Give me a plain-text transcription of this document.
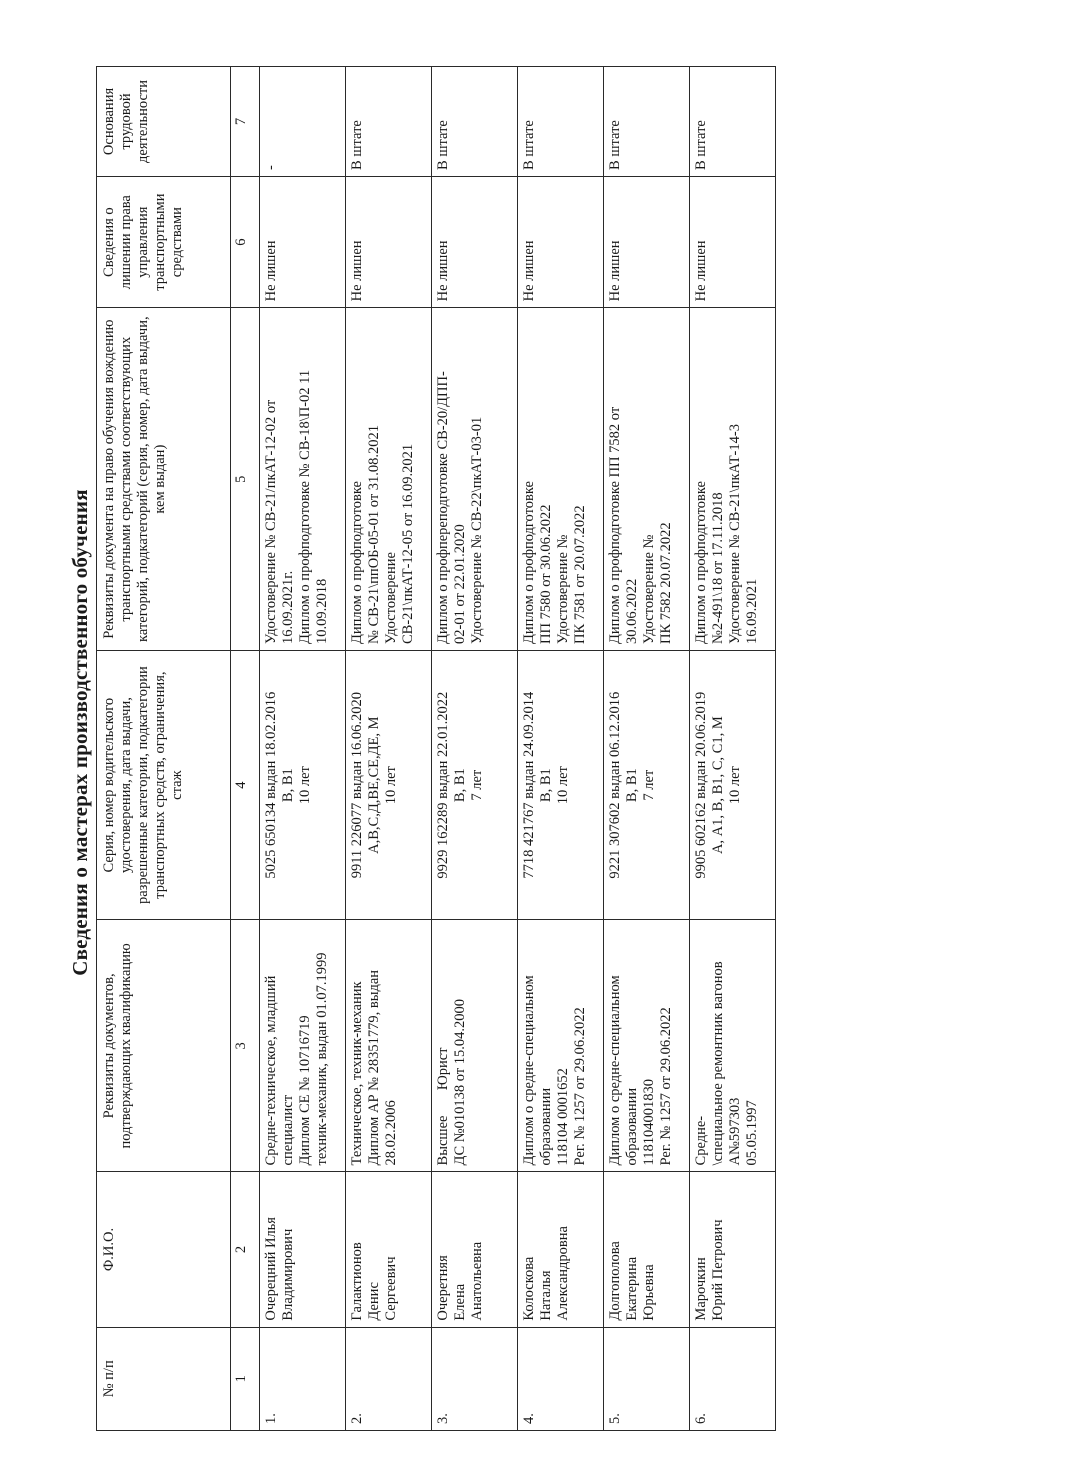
Сведения о мастерах производственного обучения
№ п/п	Ф.И.О.	Реквизиты документов, подтверждающих квалификацию	Серия, номер водительского удостоверения, дата выдачи, разрешенные категории, подкатегории транспортных средств, ограничения, стаж	Реквизиты документа на право обучения вождению транспортными средствами соответствующих категорий, подкатегорий (серия, номер, дата выдачи, кем выдан)	Сведения о лишении права управления транспортными средствами	Основания трудовой деятельности
1	2	3	4	5	6	7
1.	Очерецний Илья Владимирович	Средне-техническое, младший специалист Диплом СЕ № 10716719 техник-механик, выдан 01.07.1999	5025 650134 выдан 18.02.2016 B, B1 10 лет	Удостоверение № СВ-21/пкАТ-12-02 от 16.09.2021г. Диплом о профподготовке № СВ-18\П-02 11 10.09.2018	Не лишен	-
2.	Галактионов Денис Сергеевич	Техническое, техник-механик Диплом АР № 28351779, выдан 28.02.2006	9911 226077 выдан 16.06.2020 А,В,С,Д,ВЕ,СЕ,ДЕ, М 10 лет	Диплом о профподготовке № СВ-21\ппОБ-05-01 от 31.08.2021 Удостоверение СВ-21\пкАТ-12-05 от 16.09.2021	Не лишен	В штате
3.	Очеретняя Елена Анатольевна	Высшее       Юрист ДС №010138 от 15.04.2000	9929 162289 выдан 22.01.2022 B, B1 7 лет	Диплом о профпереподготовке СВ-20/ДПП- 02-01 от 22.01.2020 Удостоверение № СВ-22\пкАТ-03-01	Не лишен	В штате
4.	Колоскова Наталья Александровна	Диплом о средне-специальном образовании 118104 0001652 Рег. № 1257 от 29.06.2022	7718 421767 выдан 24.09.2014 B, B1 10 лет	Диплом о профподготовке ПП 7580 от 30.06.2022 Удостоверение № ПК 7581 от 20.07.2022	Не лишен	В штате
5.	Долгополова Екатерина Юрьевна	Диплом о средне-специальном образовании 118104001830 Рег. № 1257 от 29.06.2022	9221 307602 выдан 06.12.2016 B, B1 7 лет	Диплом о профподготовке ПП 7582 от 30.06.2022 Удостоверение № ПК 7582 20.07.2022	Не лишен	В штате
6.	Марочкин Юрий Петрович	Средне- \специальное ремонтник вагонов А№597303 05.05.1997	9905 602162 выдан 20.06.2019 А, А1, В, В1, С, С1, М 10 лет	Диплом о профподготовке №2-491\18 от 17.11.2018 Удостоверение № СВ-21\пкАТ-14-3 16.09.2021	Не лишен	В штате
